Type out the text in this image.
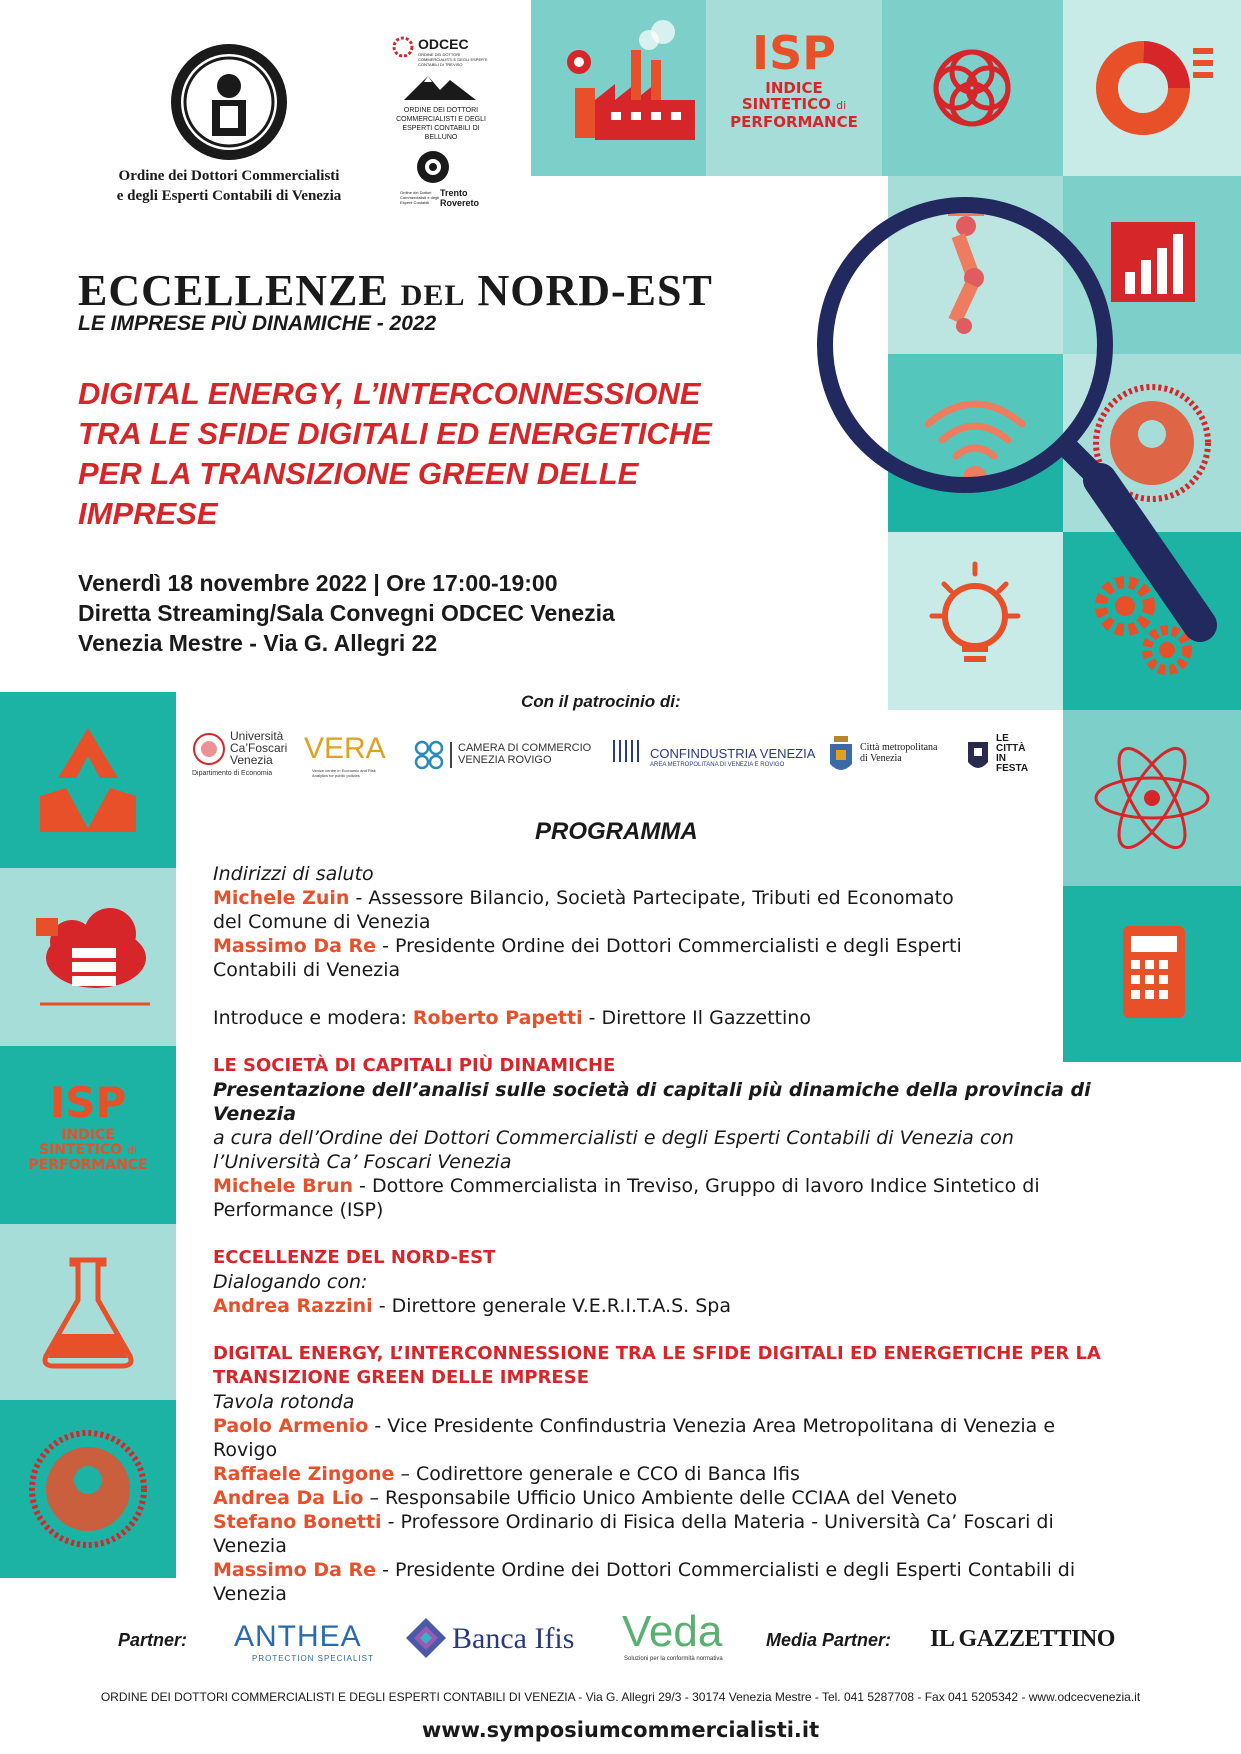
ISP
INDICE
SINTETICO di
PERFORMANCE
ISP
INDICE
SINTETICO di
PERFORMANCE
Ordine dei Dottori Commercialisti
e degli Esperti Contabili di Venezia
ODCEC
ORDINE DEI DOTTORI COMMERCIALISTI E DEGLI ESPERTI CONTABILI DI TREVISO
ORDINE DEI DOTTORI COMMERCIALISTI E DEGLI ESPERTI CONTABILI DI BELLUNO
Ordine dei Dottori Commercialisti e degli Esperti Contabili
Trento
Rovereto
ECCELLENZE DEL NORD-EST
LE IMPRESE PIÙ DINAMICHE - 2022
DIGITAL ENERGY, L’INTERCONNESSIONE
TRA LE SFIDE DIGITALI ED ENERGETICHE
PER LA TRANSIZIONE GREEN DELLE
IMPRESE
Venerdì 18 novembre 2022 | Ore 17:00-19:00
Diretta Streaming/Sala Convegni ODCEC Venezia
Venezia Mestre - Via G. Allegri 22
Con il patrocinio di:
Università
Ca’Foscari
Venezia
Dipartimento di Economia
VERA
Venice centre in Economic and Risk Analytics for public policies
CAMERA DI COMMERCIO
VENEZIA ROVIGO	CONFINDUSTRIA VENEZIA
AREA METROPOLITANA DI VENEZIA E ROVIGO
Città metropolitana
di Venezia
LE
CITTÀ
IN
FESTA
PROGRAMMA

Indirizzi di saluto

Michele Zuin - Assessore Bilancio, Società Partecipate, Tributi ed Economato

del Comune di Venezia

Massimo Da Re - Presidente Ordine dei Dottori Commercialisti e degli Esperti

Contabili di Venezia

Introduce e modera: Roberto Papetti - Direttore Il Gazzettino

LE SOCIETÀ DI CAPITALI PIÙ DINAMICHE

Presentazione dell’analisi sulle società di capitali più dinamiche della provincia di Venezia

a cura dell’Ordine dei Dottori Commercialisti e degli Esperti Contabili di Venezia con

l’Università Ca’ Foscari Venezia

Michele Brun - Dottore Commercialista in Treviso, Gruppo di lavoro Indice Sintetico di

Performance (ISP)

ECCELLENZE DEL NORD-EST

Dialogando con:

Andrea Razzini - Direttore generale V.E.R.I.T.A.S. Spa

DIGITAL ENERGY, L’INTERCONNESSIONE TRA LE SFIDE DIGITALI ED ENERGETICHE PER LA

TRANSIZIONE GREEN DELLE IMPRESE

Tavola rotonda

Paolo Armenio - Vice Presidente Confindustria Venezia Area Metropolitana di Venezia e

Rovigo

Raffaele Zingone – Codirettore generale e CCO di Banca Ifis

Andrea Da Lio – Responsabile Ufficio Unico Ambiente delle CCIAA del Veneto

Stefano Bonetti - Professore Ordinario di Fisica della Materia - Università Ca’ Foscari di

Venezia

Massimo Da Re - Presidente Ordine dei Dottori Commercialisti e degli Esperti Contabili di

Venezia

Partner: ANTHEA
PROTECTION SPECIALIST
Banca Ifis Veda
Soluzioni per la conformità normativa
Media Partner: IL GAZZETTINO
ORDINE DEI DOTTORI COMMERCIALISTI E DEGLI ESPERTI CONTABILI DI VENEZIA - Via G. Allegri 29/3 - 30174 Venezia Mestre - Tel. 041 5287708 - Fax 041 5205342 - www.odcecvenezia.it
www.symposiumcommercialisti.it
